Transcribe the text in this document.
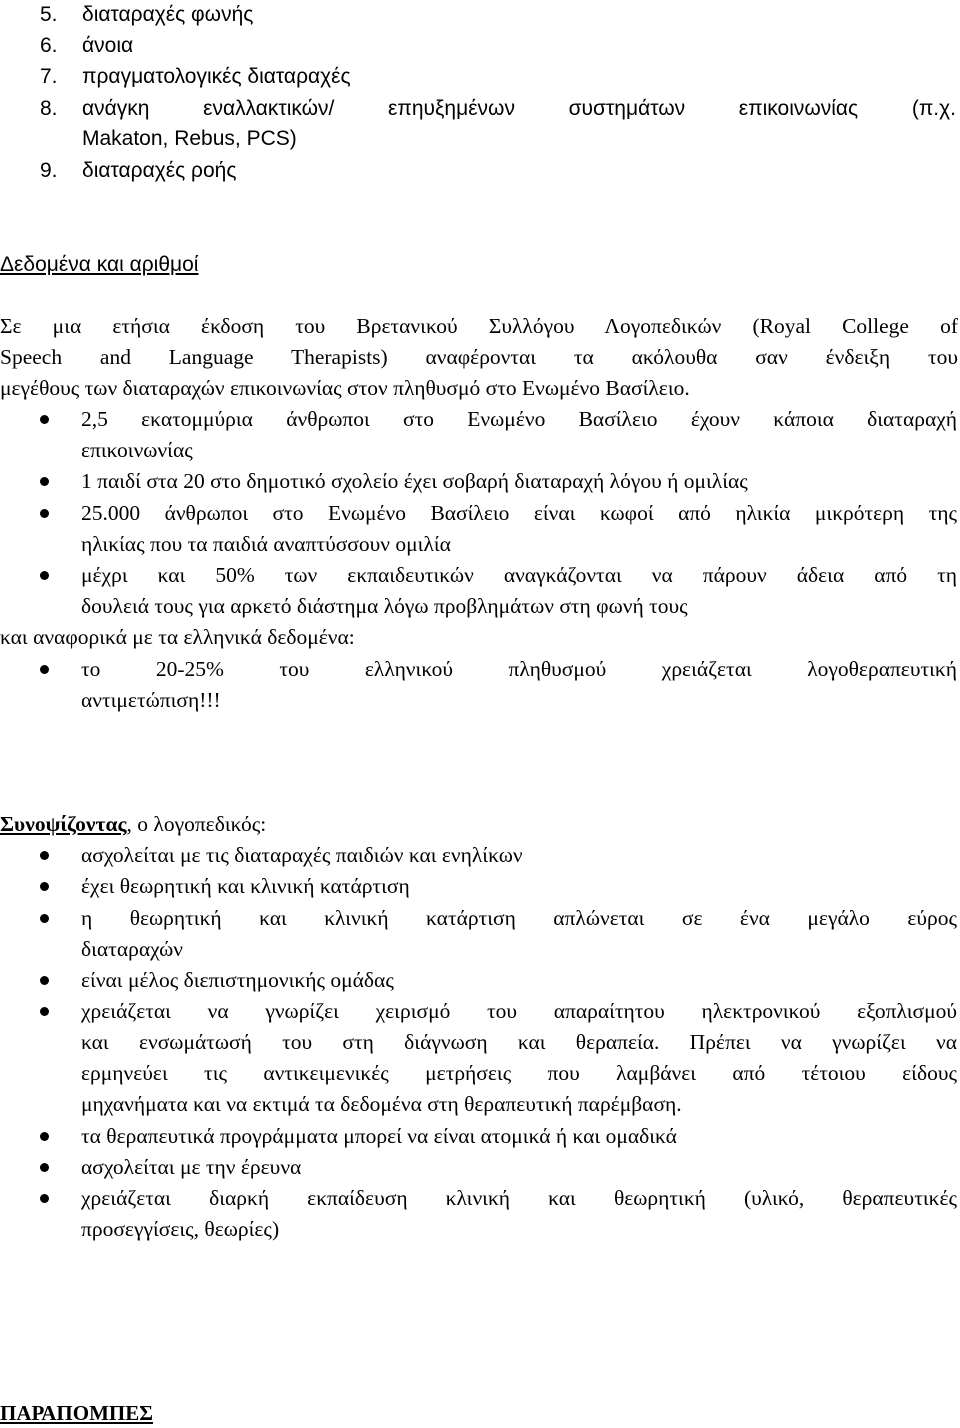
5. διαταραχές φωνής
6. άνοια
7. πραγματολογικές διαταραχές
8. ανάγκη εναλλακτικών/ επηυξημένων συστημάτων επικοινωνίας (π.χ.
Makaton, Rebus, PCS)
9. διαταραχές ροής
Δεδομένα και αριθμοί
Σε μια ετήσια έκδοση του Βρετανικού Συλλόγου Λογοπεδικών (Royal College of
Speech and Language Therapists) αναφέρονται τα ακόλουθα σαν ένδειξη του
μεγέθους των διαταραχών επικοινωνίας στον πληθυσμό στο Ενωμένο Βασίλειο.
2,5 εκατομμύρια άνθρωποι στο Ενωμένο Βασίλειο έχουν κάποια διαταραχή
επικοινωνίας
1 παιδί στα 20 στο δημοτικό σχολείο έχει σοβαρή διαταραχή λόγου ή ομιλίας
25.000 άνθρωποι στο Ενωμένο Βασίλειο είναι κωφοί από ηλικία μικρότερη της
ηλικίας που τα παιδιά αναπτύσσουν ομιλία
μέχρι και 50% των εκπαιδευτικών αναγκάζονται να πάρουν άδεια από τη
δουλειά τους για αρκετό διάστημα λόγω προβλημάτων στη φωνή τους
και αναφορικά με τα ελληνικά δεδομένα:
το 20-25% του ελληνικού πληθυσμού χρειάζεται λογοθεραπευτική
αντιμετώπιση!!!
Συνοψίζοντας, ο λογοπεδικός:
ασχολείται με τις διαταραχές παιδιών και ενηλίκων
έχει θεωρητική και κλινική κατάρτιση
η θεωρητική και κλινική κατάρτιση απλώνεται σε ένα μεγάλο εύρος
διαταραχών
είναι μέλος διεπιστημονικής ομάδας
χρειάζεται να γνωρίζει χειρισμό του απαραίτητου ηλεκτρονικού εξοπλισμού
και ενσωμάτωσή του στη διάγνωση και θεραπεία. Πρέπει να γνωρίζει να
ερμηνεύει τις αντικειμενικές μετρήσεις που λαμβάνει από τέτοιου είδους
μηχανήματα και να εκτιμά τα δεδομένα στη θεραπευτική παρέμβαση.
τα θεραπευτικά προγράμματα μπορεί να είναι ατομικά ή και ομαδικά
ασχολείται με την έρευνα
χρειάζεται διαρκή εκπαίδευση κλινική και θεωρητική (υλικό, θεραπευτικές
προσεγγίσεις, θεωρίες)
ΠΑΡΑΠΟΜΠΕΣ
